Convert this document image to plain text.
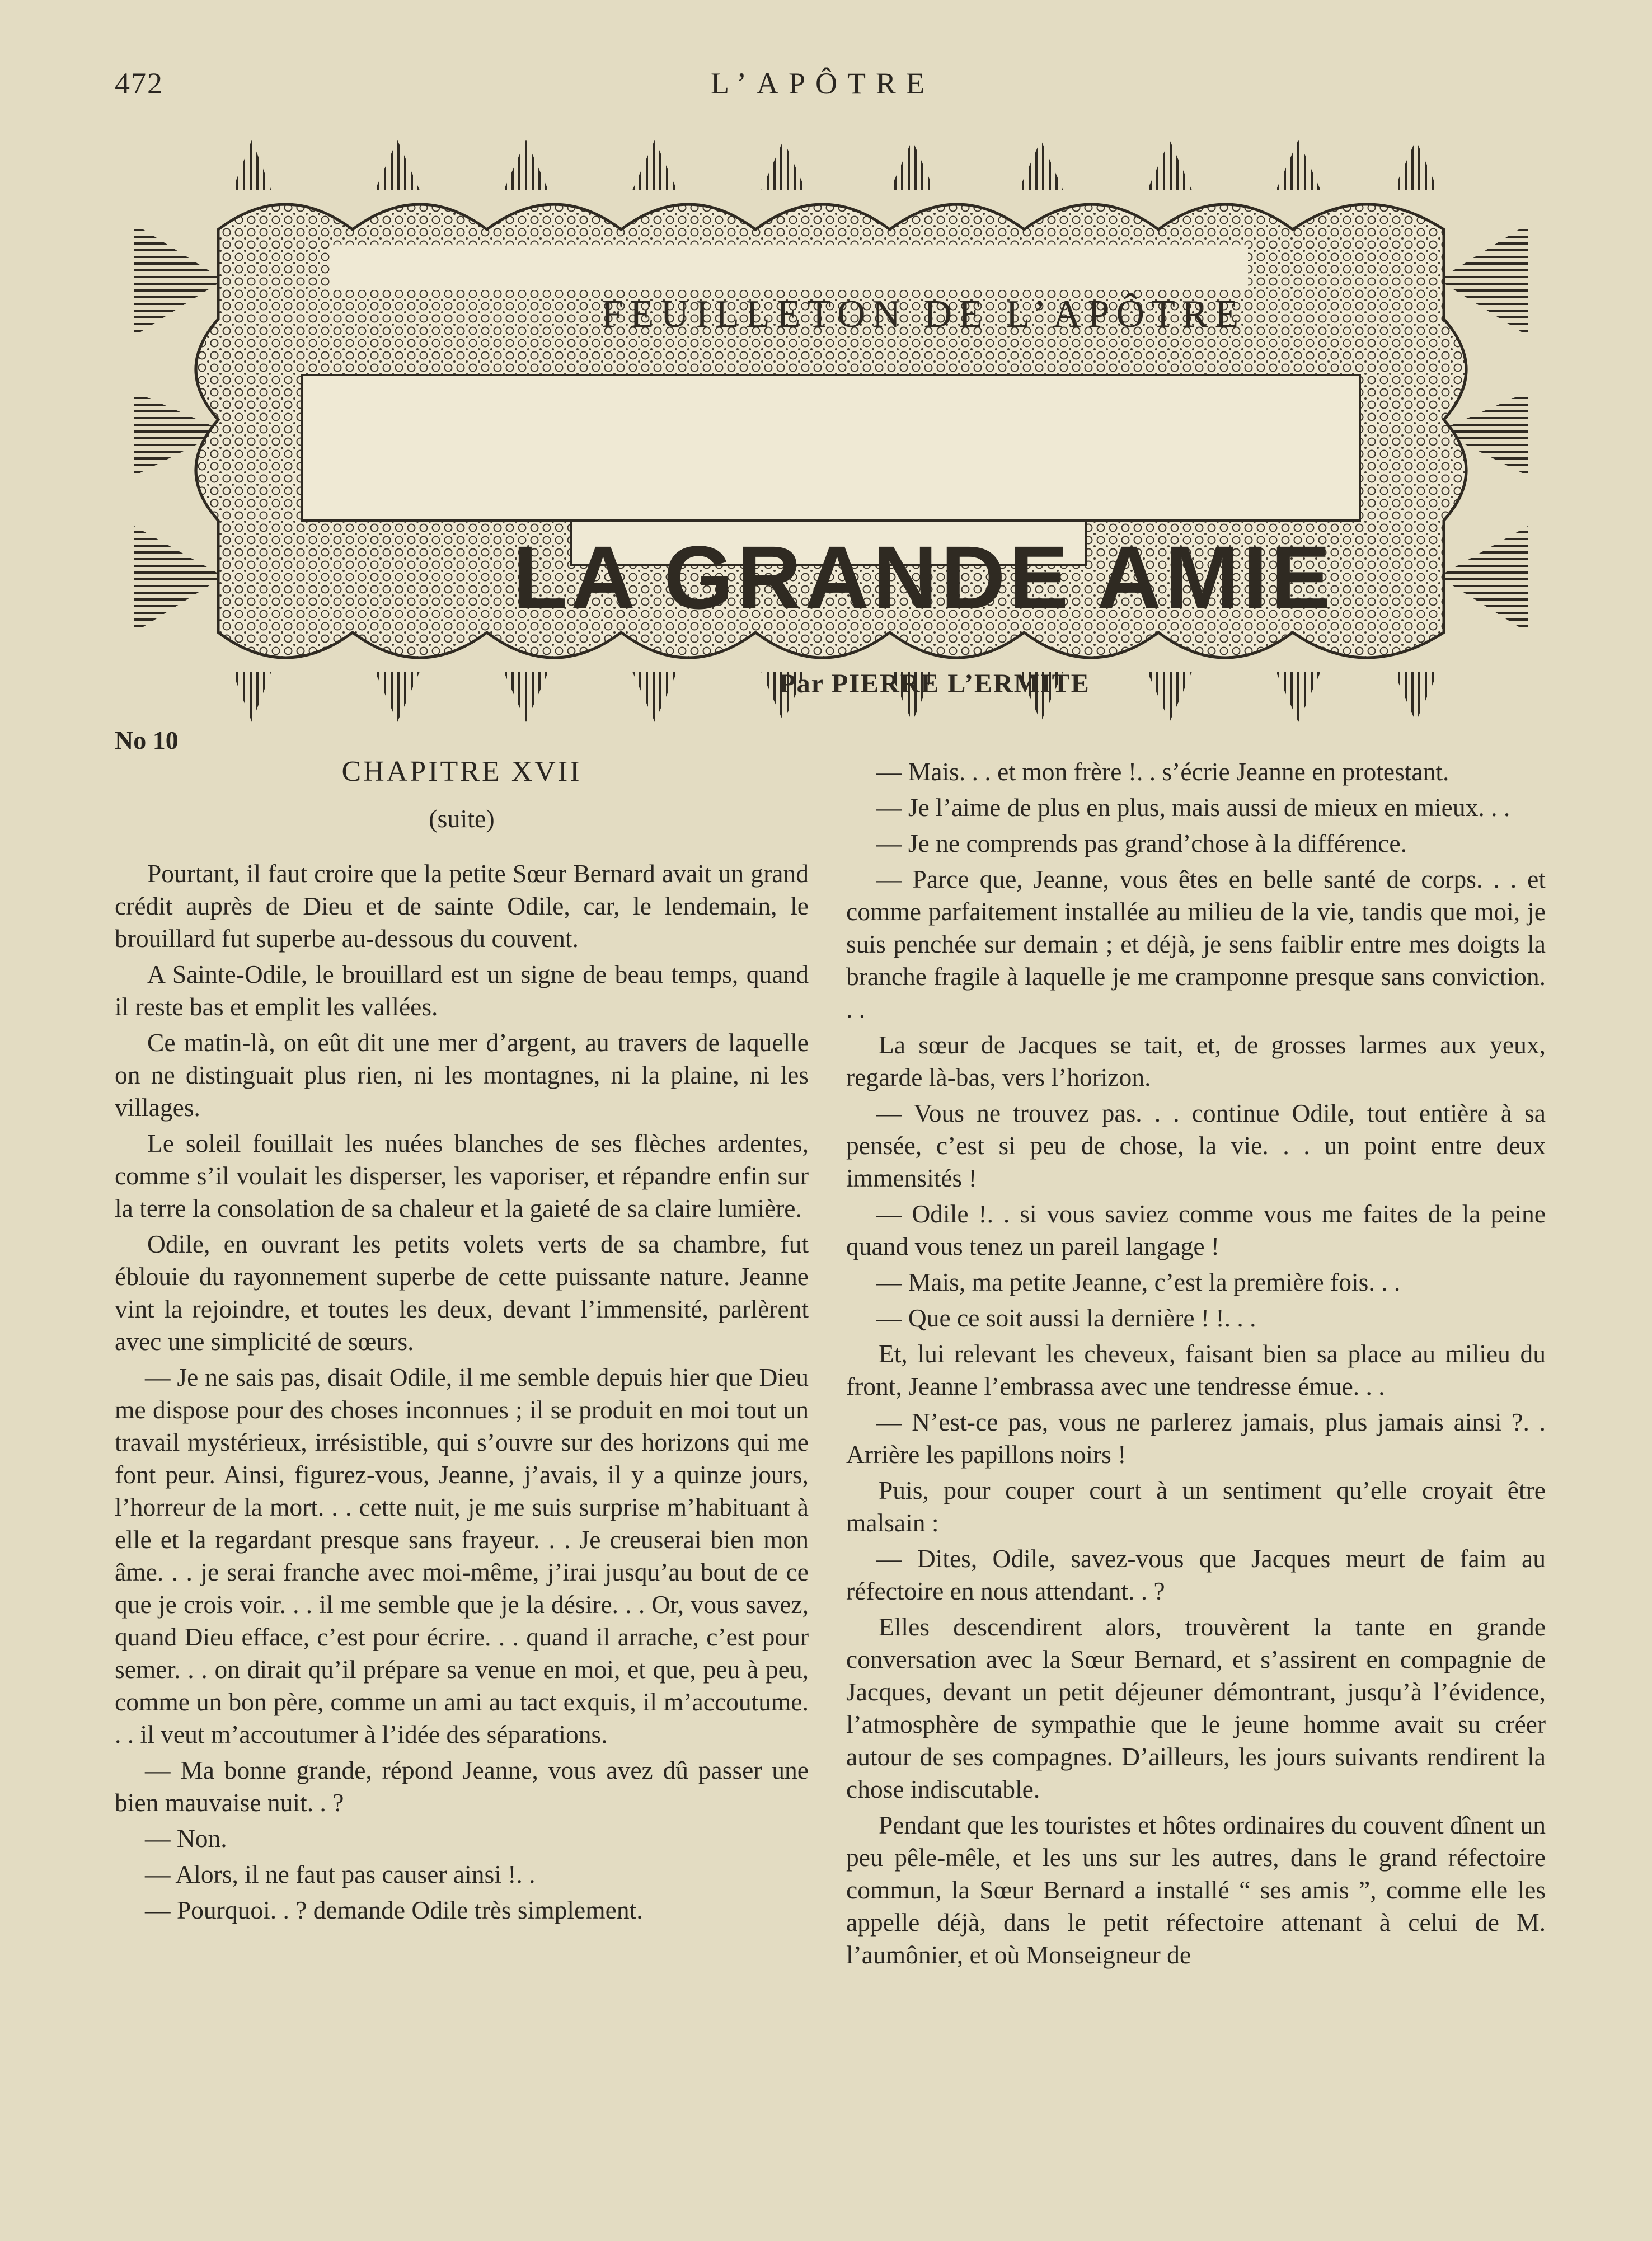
472	L’APÔTRE
FEUILLETON DE L’APÔTRE
LA GRANDE AMIE
Par PIERRE L’ERMITE
No 10
CHAPITRE XVII
(suite)

Pourtant, il faut croire que la petite Sœur Bernard avait un grand crédit auprès de Dieu et de sainte Odile, car, le lendemain, le brouillard fut superbe au-dessous du couvent.

A Sainte-Odile, le brouillard est un signe de beau temps, quand il reste bas et emplit les vallées.

Ce matin-là, on eût dit une mer d’argent, au travers de laquelle on ne distinguait plus rien, ni les montagnes, ni la plaine, ni les villages.

Le soleil fouillait les nuées blanches de ses flèches ardentes, comme s’il voulait les disperser, les vaporiser, et répandre enfin sur la terre la consolation de sa chaleur et la gaieté de sa claire lumière.

Odile, en ouvrant les petits volets verts de sa chambre, fut éblouie du rayonnement superbe de cette puissante nature. Jeanne vint la rejoindre, et toutes les deux, devant l’immensité, parlèrent avec une simplicité de sœurs.

— Je ne sais pas, disait Odile, il me semble depuis hier que Dieu me dispose pour des choses inconnues ; il se produit en moi tout un travail mystérieux, irrésistible, qui s’ouvre sur des horizons qui me font peur. Ainsi, figurez-vous, Jeanne, j’avais, il y a quinze jours, l’horreur de la mort. . . cette nuit, je me suis surprise m’habituant à elle et la regardant presque sans frayeur. . . Je creuserai bien mon âme. . . je serai franche avec moi-même, j’irai jusqu’au bout de ce que je crois voir. . . il me semble que je la désire. . . Or, vous savez, quand Dieu efface, c’est pour écrire. . . quand il arrache, c’est pour semer. . . on dirait qu’il prépare sa venue en moi, et que, peu à peu, comme un bon père, comme un ami au tact exquis, il m’accoutume. . . il veut m’accoutumer à l’idée des séparations.

— Ma bonne grande, répond Jeanne, vous avez dû passer une bien mauvaise nuit. . ?

— Non.

— Alors, il ne faut pas causer ainsi !. .

— Pourquoi. . ? demande Odile très simplement.

— Mais. . . et mon frère !. . s’écrie Jeanne en protestant.

— Je l’aime de plus en plus, mais aussi de mieux en mieux. . .

— Je ne comprends pas grand’chose à la différence.

— Parce que, Jeanne, vous êtes en belle santé de corps. . . et comme parfaitement installée au milieu de la vie, tandis que moi, je suis penchée sur demain ; et déjà, je sens faiblir entre mes doigts la branche fragile à laquelle je me cramponne presque sans conviction. . .

La sœur de Jacques se tait, et, de grosses larmes aux yeux, regarde là-bas, vers l’horizon.

— Vous ne trouvez pas. . . continue Odile, tout entière à sa pensée, c’est si peu de chose, la vie. . . un point entre deux immensités !

— Odile !. . si vous saviez comme vous me faites de la peine quand vous tenez un pareil langage !

— Mais, ma petite Jeanne, c’est la première fois. . .

— Que ce soit aussi la dernière ! !. . .

Et, lui relevant les cheveux, faisant bien sa place au milieu du front, Jeanne l’embrassa avec une tendresse émue. . .

— N’est-ce pas, vous ne parlerez jamais, plus jamais ainsi ?. . Arrière les papillons noirs !

Puis, pour couper court à un sentiment qu’elle croyait être malsain :

— Dites, Odile, savez-vous que Jacques meurt de faim au réfectoire en nous attendant. . ?

Elles descendirent alors, trouvèrent la tante en grande conversation avec la Sœur Bernard, et s’assirent en compagnie de Jacques, devant un petit déjeuner démontrant, jusqu’à l’évidence, l’atmosphère de sympathie que le jeune homme avait su créer autour de ses compagnes. D’ailleurs, les jours suivants rendirent la chose indiscutable.

Pendant que les touristes et hôtes ordinaires du couvent dînent un peu pêle-mêle, et les uns sur les autres, dans le grand réfectoire commun, la Sœur Bernard a installé “ ses amis ”, comme elle les appelle déjà, dans le petit réfectoire attenant à celui de M. l’aumônier, et où Monseigneur de
